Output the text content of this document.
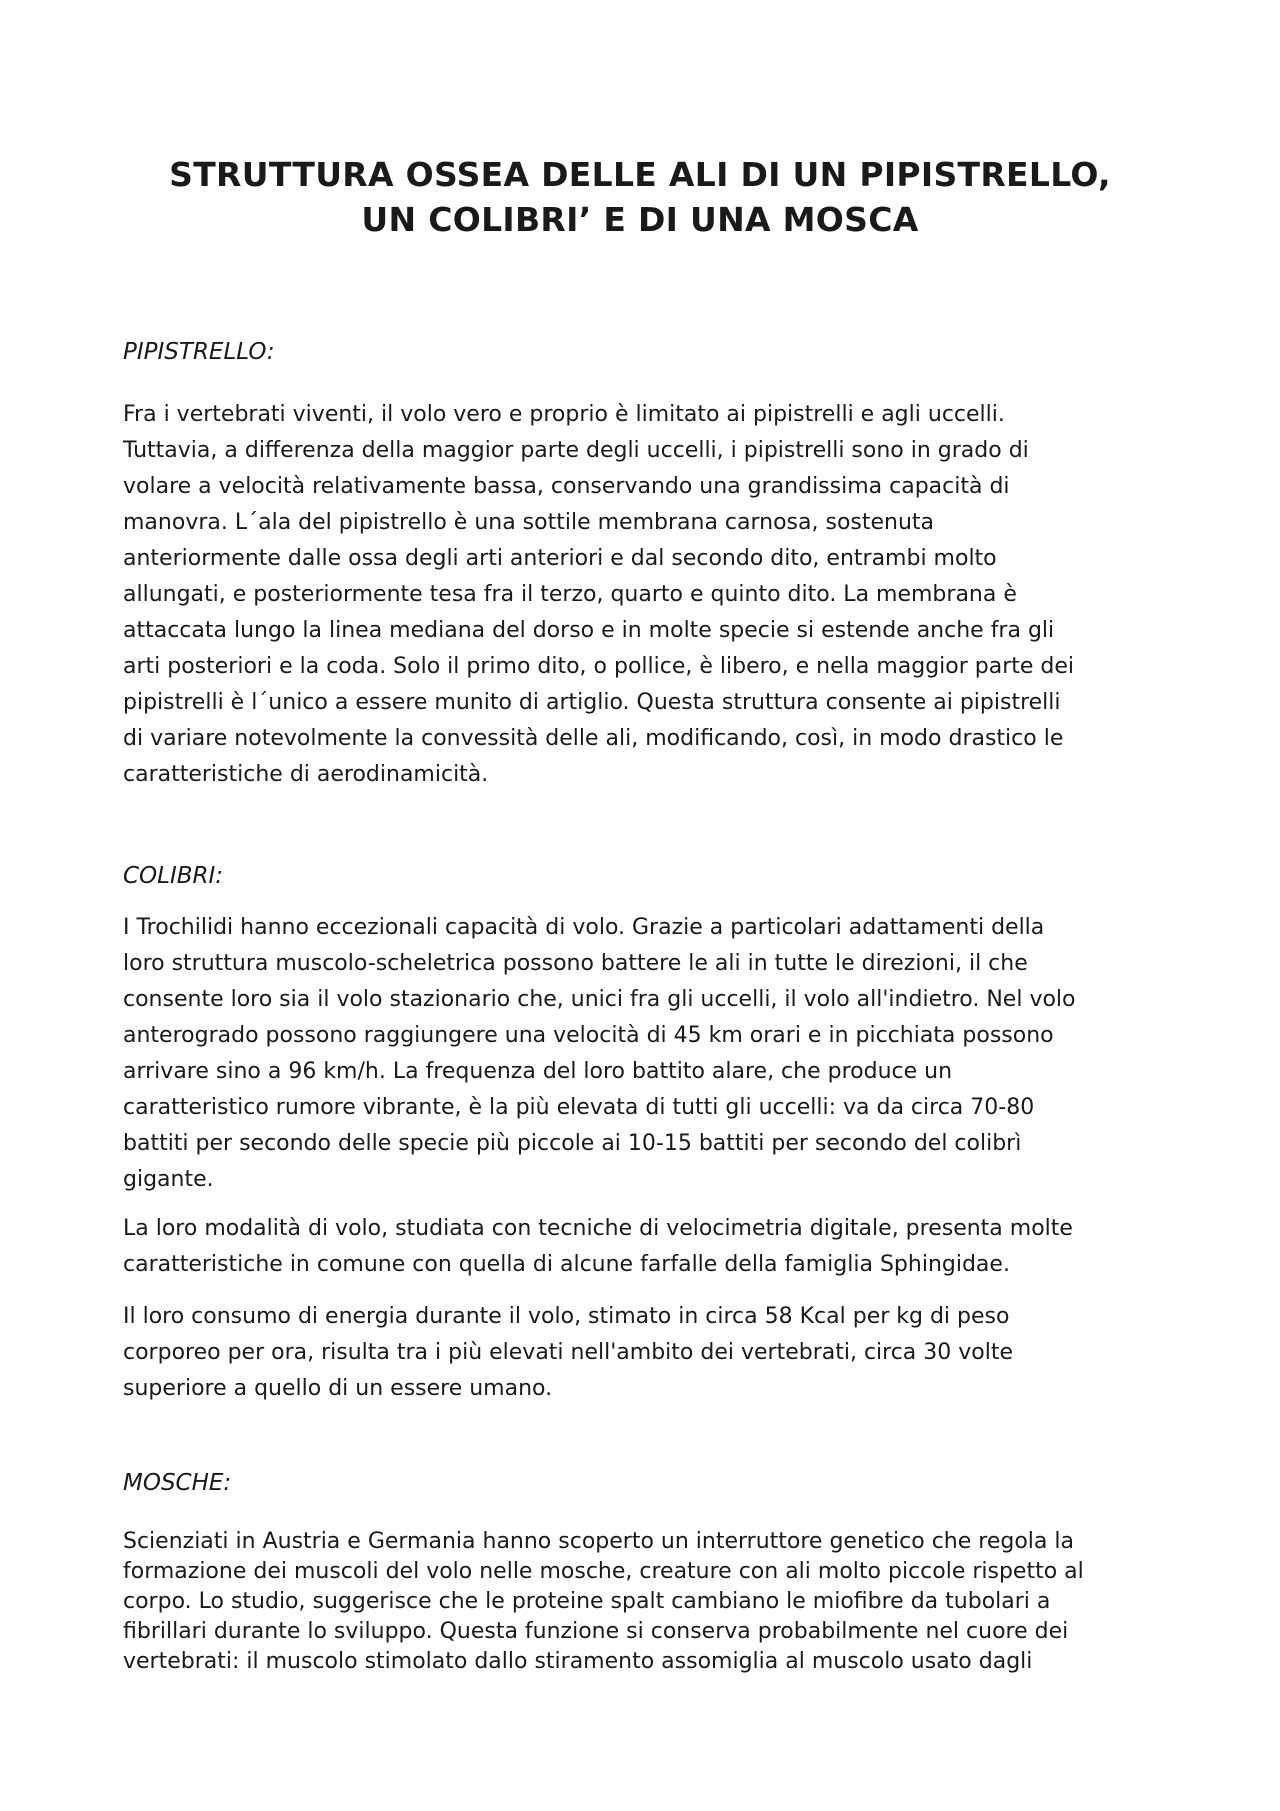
STRUTTURA OSSEA DELLE ALI DI UN PIPISTRELLO,
UN COLIBRI’ E DI UNA MOSCA
PIPISTRELLO:
Fra i vertebrati viventi, il volo vero e proprio è limitato ai pipistrelli e agli uccelli.
Tuttavia, a differenza della maggior parte degli uccelli, i pipistrelli sono in grado di
volare a velocità relativamente bassa, conservando una grandissima capacità di
manovra. L´ala del pipistrello è una sottile membrana carnosa, sostenuta
anteriormente dalle ossa degli arti anteriori e dal secondo dito, entrambi molto
allungati, e posteriormente tesa fra il terzo, quarto e quinto dito. La membrana è
attaccata lungo la linea mediana del dorso e in molte specie si estende anche fra gli
arti posteriori e la coda. Solo il primo dito, o pollice, è libero, e nella maggior parte dei
pipistrelli è l´unico a essere munito di artiglio. Questa struttura consente ai pipistrelli
di variare notevolmente la convessità delle ali, modificando, così, in modo drastico le
caratteristiche di aerodinamicità.
COLIBRI:
I Trochilidi hanno eccezionali capacità di volo. Grazie a particolari adattamenti della
loro struttura muscolo-scheletrica possono battere le ali in tutte le direzioni, il che
consente loro sia il volo stazionario che, unici fra gli uccelli, il volo all'indietro. Nel volo
anterogrado possono raggiungere una velocità di 45 km orari e in picchiata possono
arrivare sino a 96 km/h. La frequenza del loro battito alare, che produce un
caratteristico rumore vibrante, è la più elevata di tutti gli uccelli: va da circa 70-80
battiti per secondo delle specie più piccole ai 10-15 battiti per secondo del colibrì
gigante.
La loro modalità di volo, studiata con tecniche di velocimetria digitale, presenta molte
caratteristiche in comune con quella di alcune farfalle della famiglia Sphingidae.
Il loro consumo di energia durante il volo, stimato in circa 58 Kcal per kg di peso
corporeo per ora, risulta tra i più elevati nell'ambito dei vertebrati, circa 30 volte
superiore a quello di un essere umano.
MOSCHE:
Scienziati in Austria e Germania hanno scoperto un interruttore genetico che regola la
formazione dei muscoli del volo nelle mosche, creature con ali molto piccole rispetto al
corpo. Lo studio, suggerisce che le proteine spalt cambiano le miofibre da tubolari a
fibrillari durante lo sviluppo. Questa funzione si conserva probabilmente nel cuore dei
vertebrati: il muscolo stimolato dallo stiramento assomiglia al muscolo usato dagli
